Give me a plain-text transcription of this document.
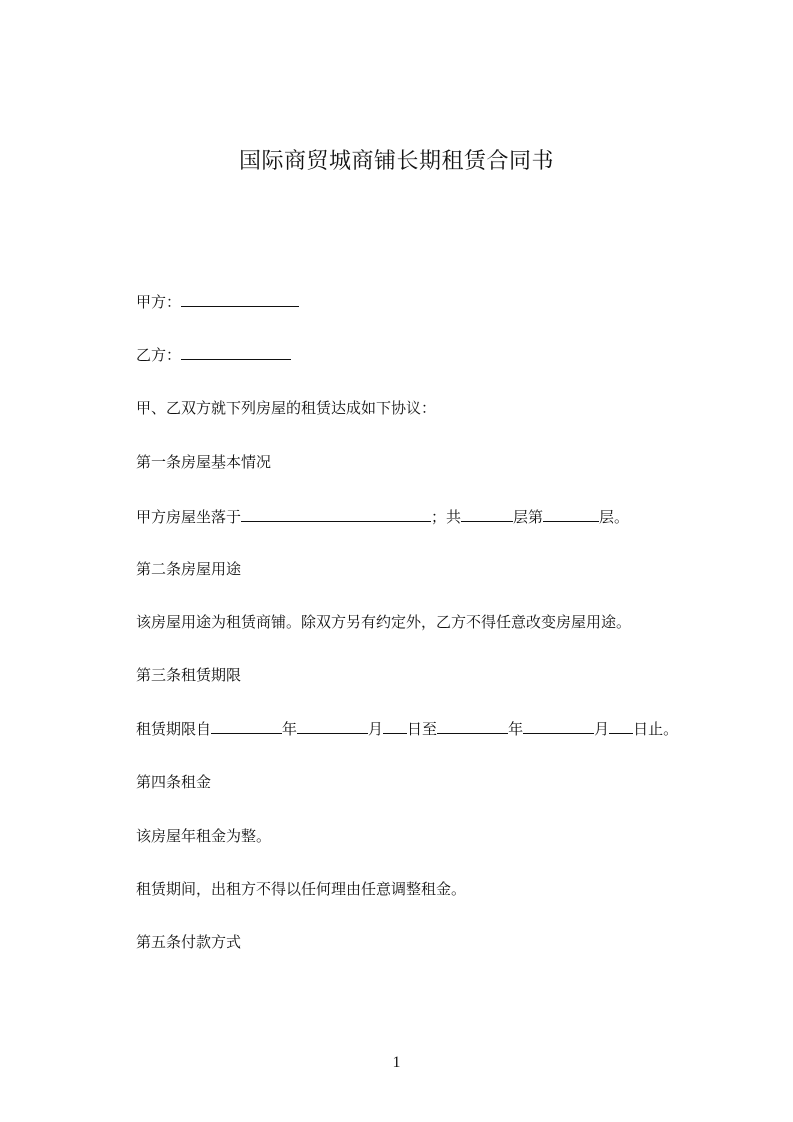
国际商贸城商铺长期租赁合同书
甲方：
乙方：
甲、乙双方就下列房屋的租赁达成如下协议：
第一条房屋基本情况
甲方房屋坐落于	；共	层第	层。
第二条房屋用途
该房屋用途为租赁商铺。除双方另有约定外，乙方不得任意改变房屋用途。
第三条租赁期限
租赁期限自	年	月 日至	年	月 日止。
第四条租金
该房屋年租金为整。
租赁期间，出租方不得以任何理由任意调整租金。
第五条付款方式
1
